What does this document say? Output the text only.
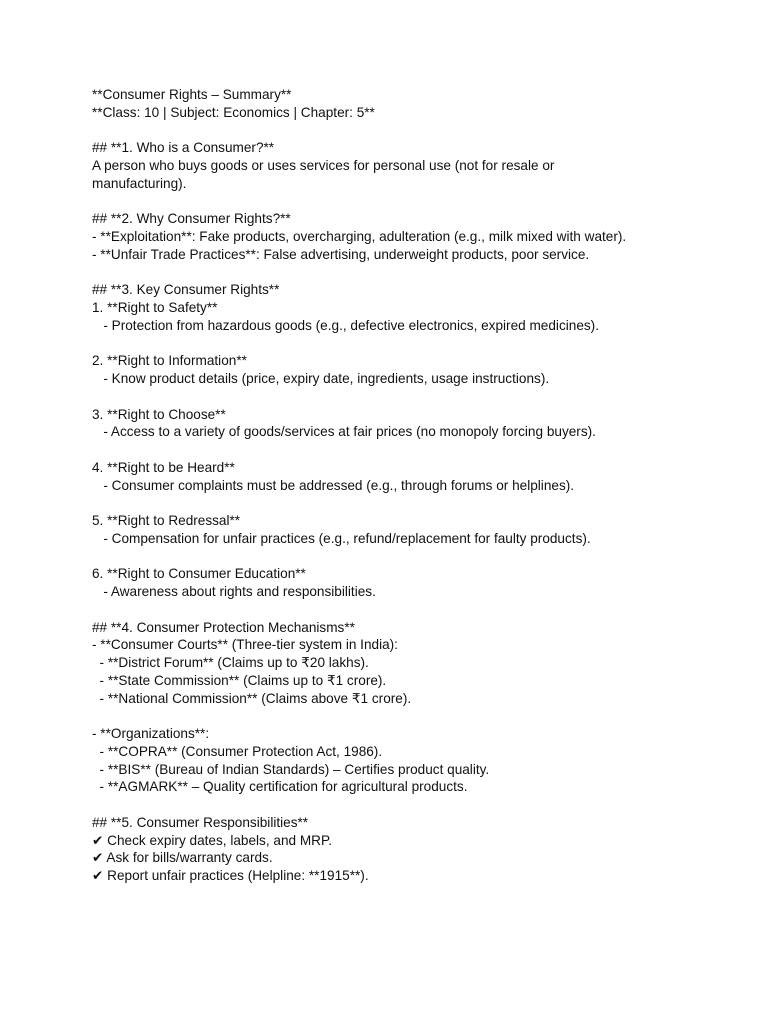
**Consumer Rights – Summary**
**Class: 10 | Subject: Economics | Chapter: 5**
## **1. Who is a Consumer?**
A person who buys goods or uses services for personal use (not for resale or
manufacturing).
## **2. Why Consumer Rights?**
- **Exploitation**: Fake products, overcharging, adulteration (e.g., milk mixed with water).
- **Unfair Trade Practices**: False advertising, underweight products, poor service.
## **3. Key Consumer Rights**
1. **Right to Safety**
- Protection from hazardous goods (e.g., defective electronics, expired medicines).
2. **Right to Information**
- Know product details (price, expiry date, ingredients, usage instructions).
3. **Right to Choose**
- Access to a variety of goods/services at fair prices (no monopoly forcing buyers).
4. **Right to be Heard**
- Consumer complaints must be addressed (e.g., through forums or helplines).
5. **Right to Redressal**
- Compensation for unfair practices (e.g., refund/replacement for faulty products).
6. **Right to Consumer Education**
- Awareness about rights and responsibilities.
## **4. Consumer Protection Mechanisms**
- **Consumer Courts** (Three-tier system in India):
- **District Forum** (Claims up to ₹20 lakhs).
- **State Commission** (Claims up to ₹1 crore).
- **National Commission** (Claims above ₹1 crore).
- **Organizations**:
- **COPRA** (Consumer Protection Act, 1986).
- **BIS** (Bureau of Indian Standards) – Certifies product quality.
- **AGMARK** – Quality certification for agricultural products.
## **5. Consumer Responsibilities**
✔ Check expiry dates, labels, and MRP.
✔ Ask for bills/warranty cards.
✔ Report unfair practices (Helpline: **1915**).
